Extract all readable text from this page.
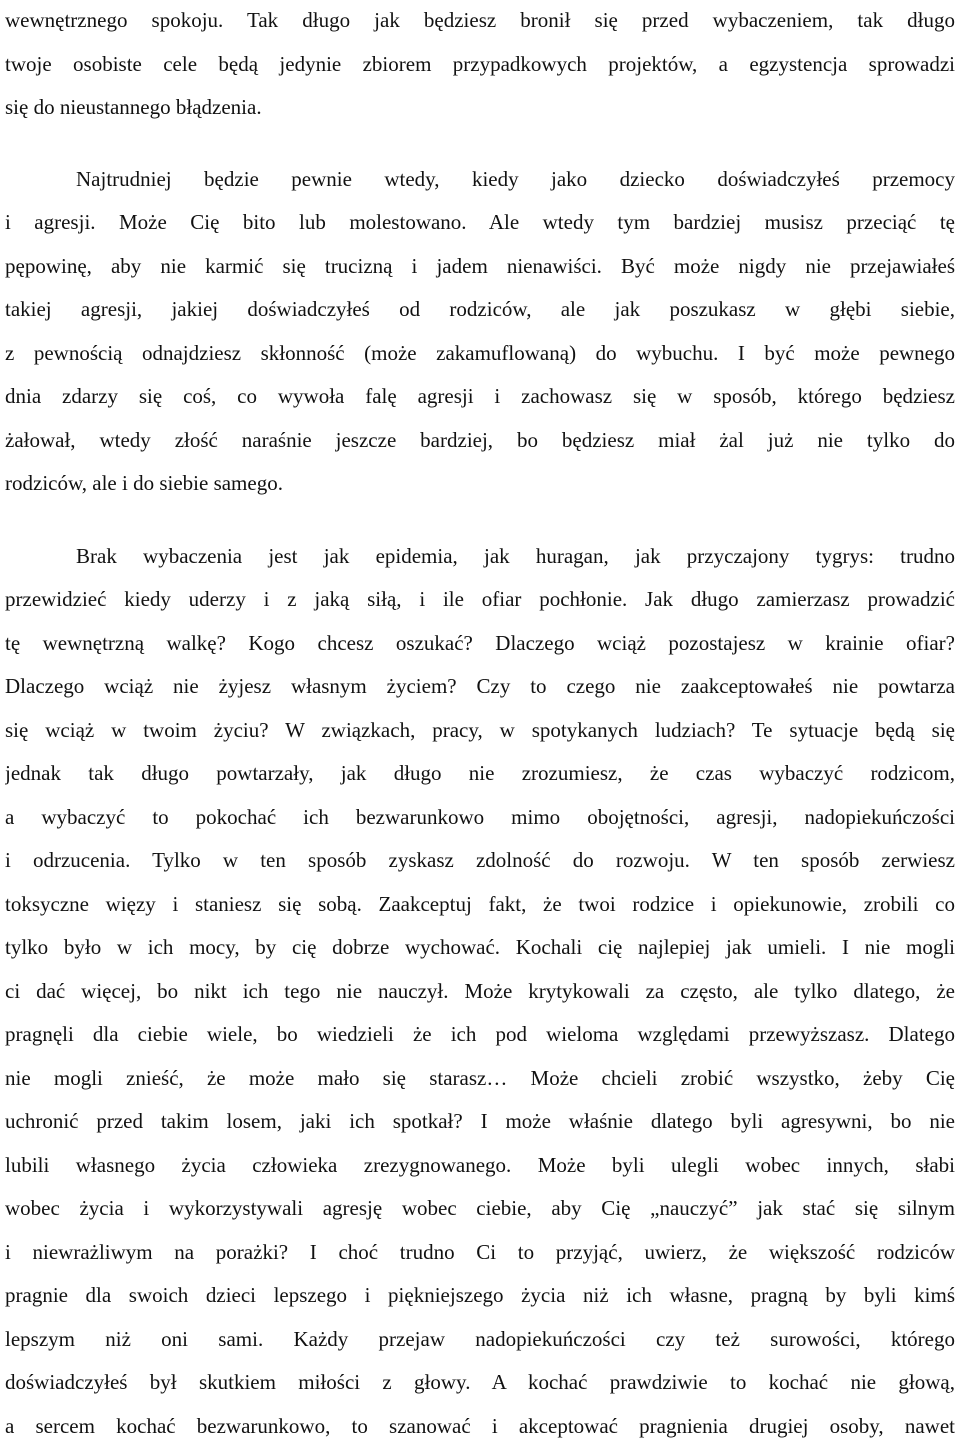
wewnętrznego spokoju. Tak długo jak będziesz bronił się przed wybaczeniem, tak długo
twoje osobiste cele będą jedynie zbiorem przypadkowych projektów, a egzystencja sprowadzi
się do nieustannego błądzenia.
Najtrudniej będzie pewnie wtedy, kiedy jako dziecko doświadczyłeś przemocy
i agresji. Może Cię bito lub molestowano. Ale wtedy tym bardziej musisz przeciąć tę
pępowinę, aby nie karmić się trucizną i jadem nienawiści. Być może nigdy nie przejawiałeś
takiej agresji, jakiej doświadczyłeś od rodziców, ale jak poszukasz w głębi siebie,
z pewnością odnajdziesz skłonność (może zakamuflowaną) do wybuchu. I być może pewnego
dnia zdarzy się coś, co wywoła falę agresji i zachowasz się w sposób, którego będziesz
żałował, wtedy złość naraśnie jeszcze bardziej, bo będziesz miał żal już nie tylko do
rodziców, ale i do siebie samego.
Brak wybaczenia jest jak epidemia, jak huragan, jak przyczajony tygrys: trudno
przewidzieć kiedy uderzy i z jaką siłą, i ile ofiar pochłonie. Jak długo zamierzasz prowadzić
tę wewnętrzną walkę? Kogo chcesz oszukać? Dlaczego wciąż pozostajesz w krainie ofiar?
Dlaczego wciąż nie żyjesz własnym życiem? Czy to czego nie zaakceptowałeś nie powtarza
się wciąż w twoim życiu? W związkach, pracy, w spotykanych ludziach? Te sytuacje będą się
jednak tak długo powtarzały, jak długo nie zrozumiesz, że czas wybaczyć rodzicom,
a wybaczyć to pokochać ich bezwarunkowo mimo obojętności, agresji, nadopiekuńczości
i odrzucenia. Tylko w ten sposób zyskasz zdolność do rozwoju. W ten sposób zerwiesz
toksyczne więzy i staniesz się sobą. Zaakceptuj fakt, że twoi rodzice i opiekunowie, zrobili co
tylko było w ich mocy, by cię dobrze wychować. Kochali cię najlepiej jak umieli. I nie mogli
ci dać więcej, bo nikt ich tego nie nauczył. Może krytykowali za często, ale tylko dlatego, że
pragnęli dla ciebie wiele, bo wiedzieli że ich pod wieloma względami przewyższasz. Dlatego
nie mogli znieść, że może mało się starasz… Może chcieli zrobić wszystko, żeby Cię
uchronić przed takim losem, jaki ich spotkał? I może właśnie dlatego byli agresywni, bo nie
lubili własnego życia człowieka zrezygnowanego. Może byli ulegli wobec innych, słabi
wobec życia i wykorzystywali agresję wobec ciebie, aby Cię „nauczyć” jak stać się silnym
i niewrażliwym na porażki? I choć trudno Ci to przyjąć, uwierz, że większość rodziców
pragnie dla swoich dzieci lepszego i piękniejszego życia niż ich własne, pragną by byli kimś
lepszym niż oni sami. Każdy przejaw nadopiekuńczości czy też surowości, którego
doświadczyłeś był skutkiem miłości z głowy. A kochać prawdziwie to kochać nie głową,
a sercem kochać bezwarunkowo, to szanować i akceptować pragnienia drugiej osoby, nawet
